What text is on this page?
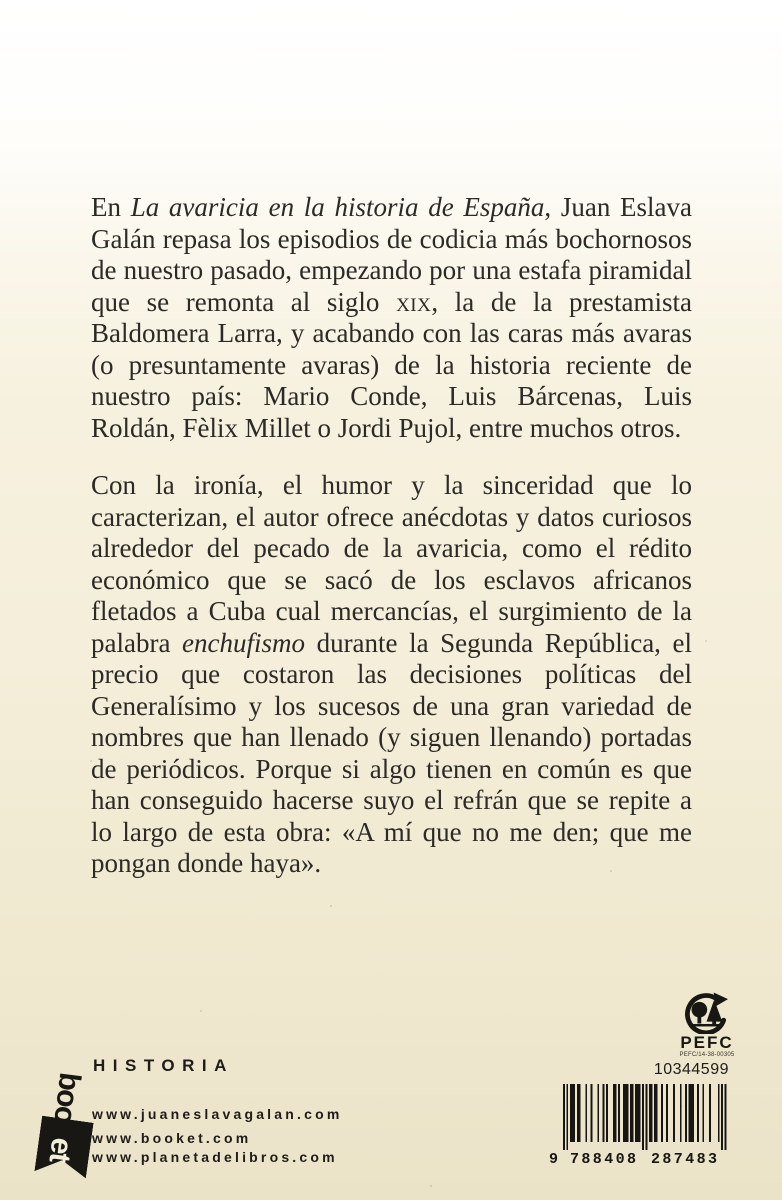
En La avaricia en la historia de España, Juan Eslava Galán repasa los episodios de codicia más bochornosos de nuestro pasado, empezando por una estafa piramidal que se remonta al siglo xix, la de la prestamista Baldomera Larra, y acabando con las caras más avaras (o presuntamente avaras) de la historia reciente de nuestro país: Mario Conde, Luis Bárcenas, Luis Roldán, Fèlix Millet o Jordi Pujol, entre muchos otros.

Con la ironía, el humor y la sinceridad que lo caracterizan, el autor ofrece anécdotas y datos curiosos alrededor del pecado de la avaricia, como el rédito económico que se sacó de los esclavos africanos fletados a Cuba cual mercancías, el surgimiento de la palabra enchufismo durante la Segunda República, el precio que costaron las decisiones políticas del Generalísimo y los sucesos de una gran variedad de nombres que han llenado (y siguen llenando) portadas de periódicos. Porque si algo tienen en común es que han conseguido hacerse suyo el refrán que se repite a lo largo de esta obra: «A mí que no me den; que me pongan donde haya».

booket
HISTORIA
www.juaneslavagalan.com
www.booket.com
www.planetadelibros.com
PEFC
PEFC/14-38-00305
10344599
9 788408 287483
